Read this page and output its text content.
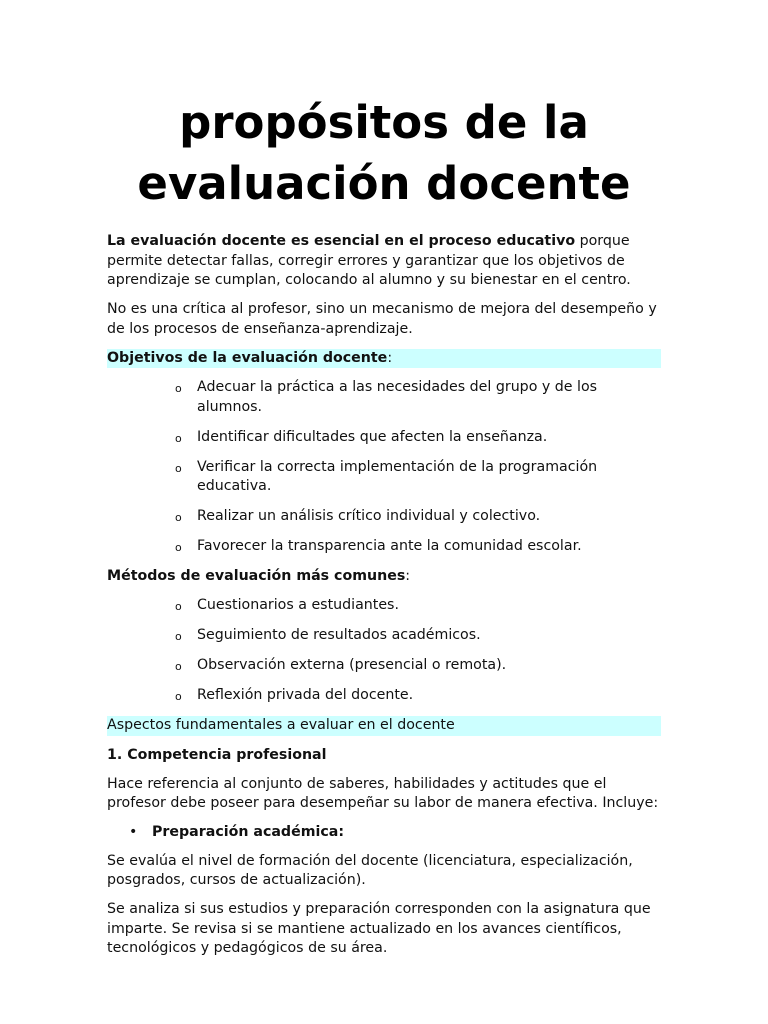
propósitos de la evaluación docente

La evaluación docente es esencial en el proceso educativo porque permite detectar fallas, corregir errores y garantizar que los objetivos de aprendizaje se cumplan, colocando al alumno y su bienestar en el centro.

No es una crítica al profesor, sino un mecanismo de mejora del desempeño y de los procesos de enseñanza-aprendizaje.

Objetivos de la evaluación docente:

o Adecuar la práctica a las necesidades del grupo y de los alumnos.
o Identificar dificultades que afecten la enseñanza.
o Verificar la correcta implementación de la programación educativa.
o Realizar un análisis crítico individual y colectivo.
o Favorecer la transparencia ante la comunidad escolar.

Métodos de evaluación más comunes:

o Cuestionarios a estudiantes.
o Seguimiento de resultados académicos.
o Observación externa (presencial o remota).
o Reflexión privada del docente.

Aspectos fundamentales a evaluar en el docente

1. Competencia profesional

Hace referencia al conjunto de saberes, habilidades y actitudes que el profesor debe poseer para desempeñar su labor de manera efectiva. Incluye:

• Preparación académica:

Se evalúa el nivel de formación del docente (licenciatura, especialización, posgrados, cursos de actualización).

Se analiza si sus estudios y preparación corresponden con la asignatura que imparte. Se revisa si se mantiene actualizado en los avances científicos, tecnológicos y pedagógicos de su área.
